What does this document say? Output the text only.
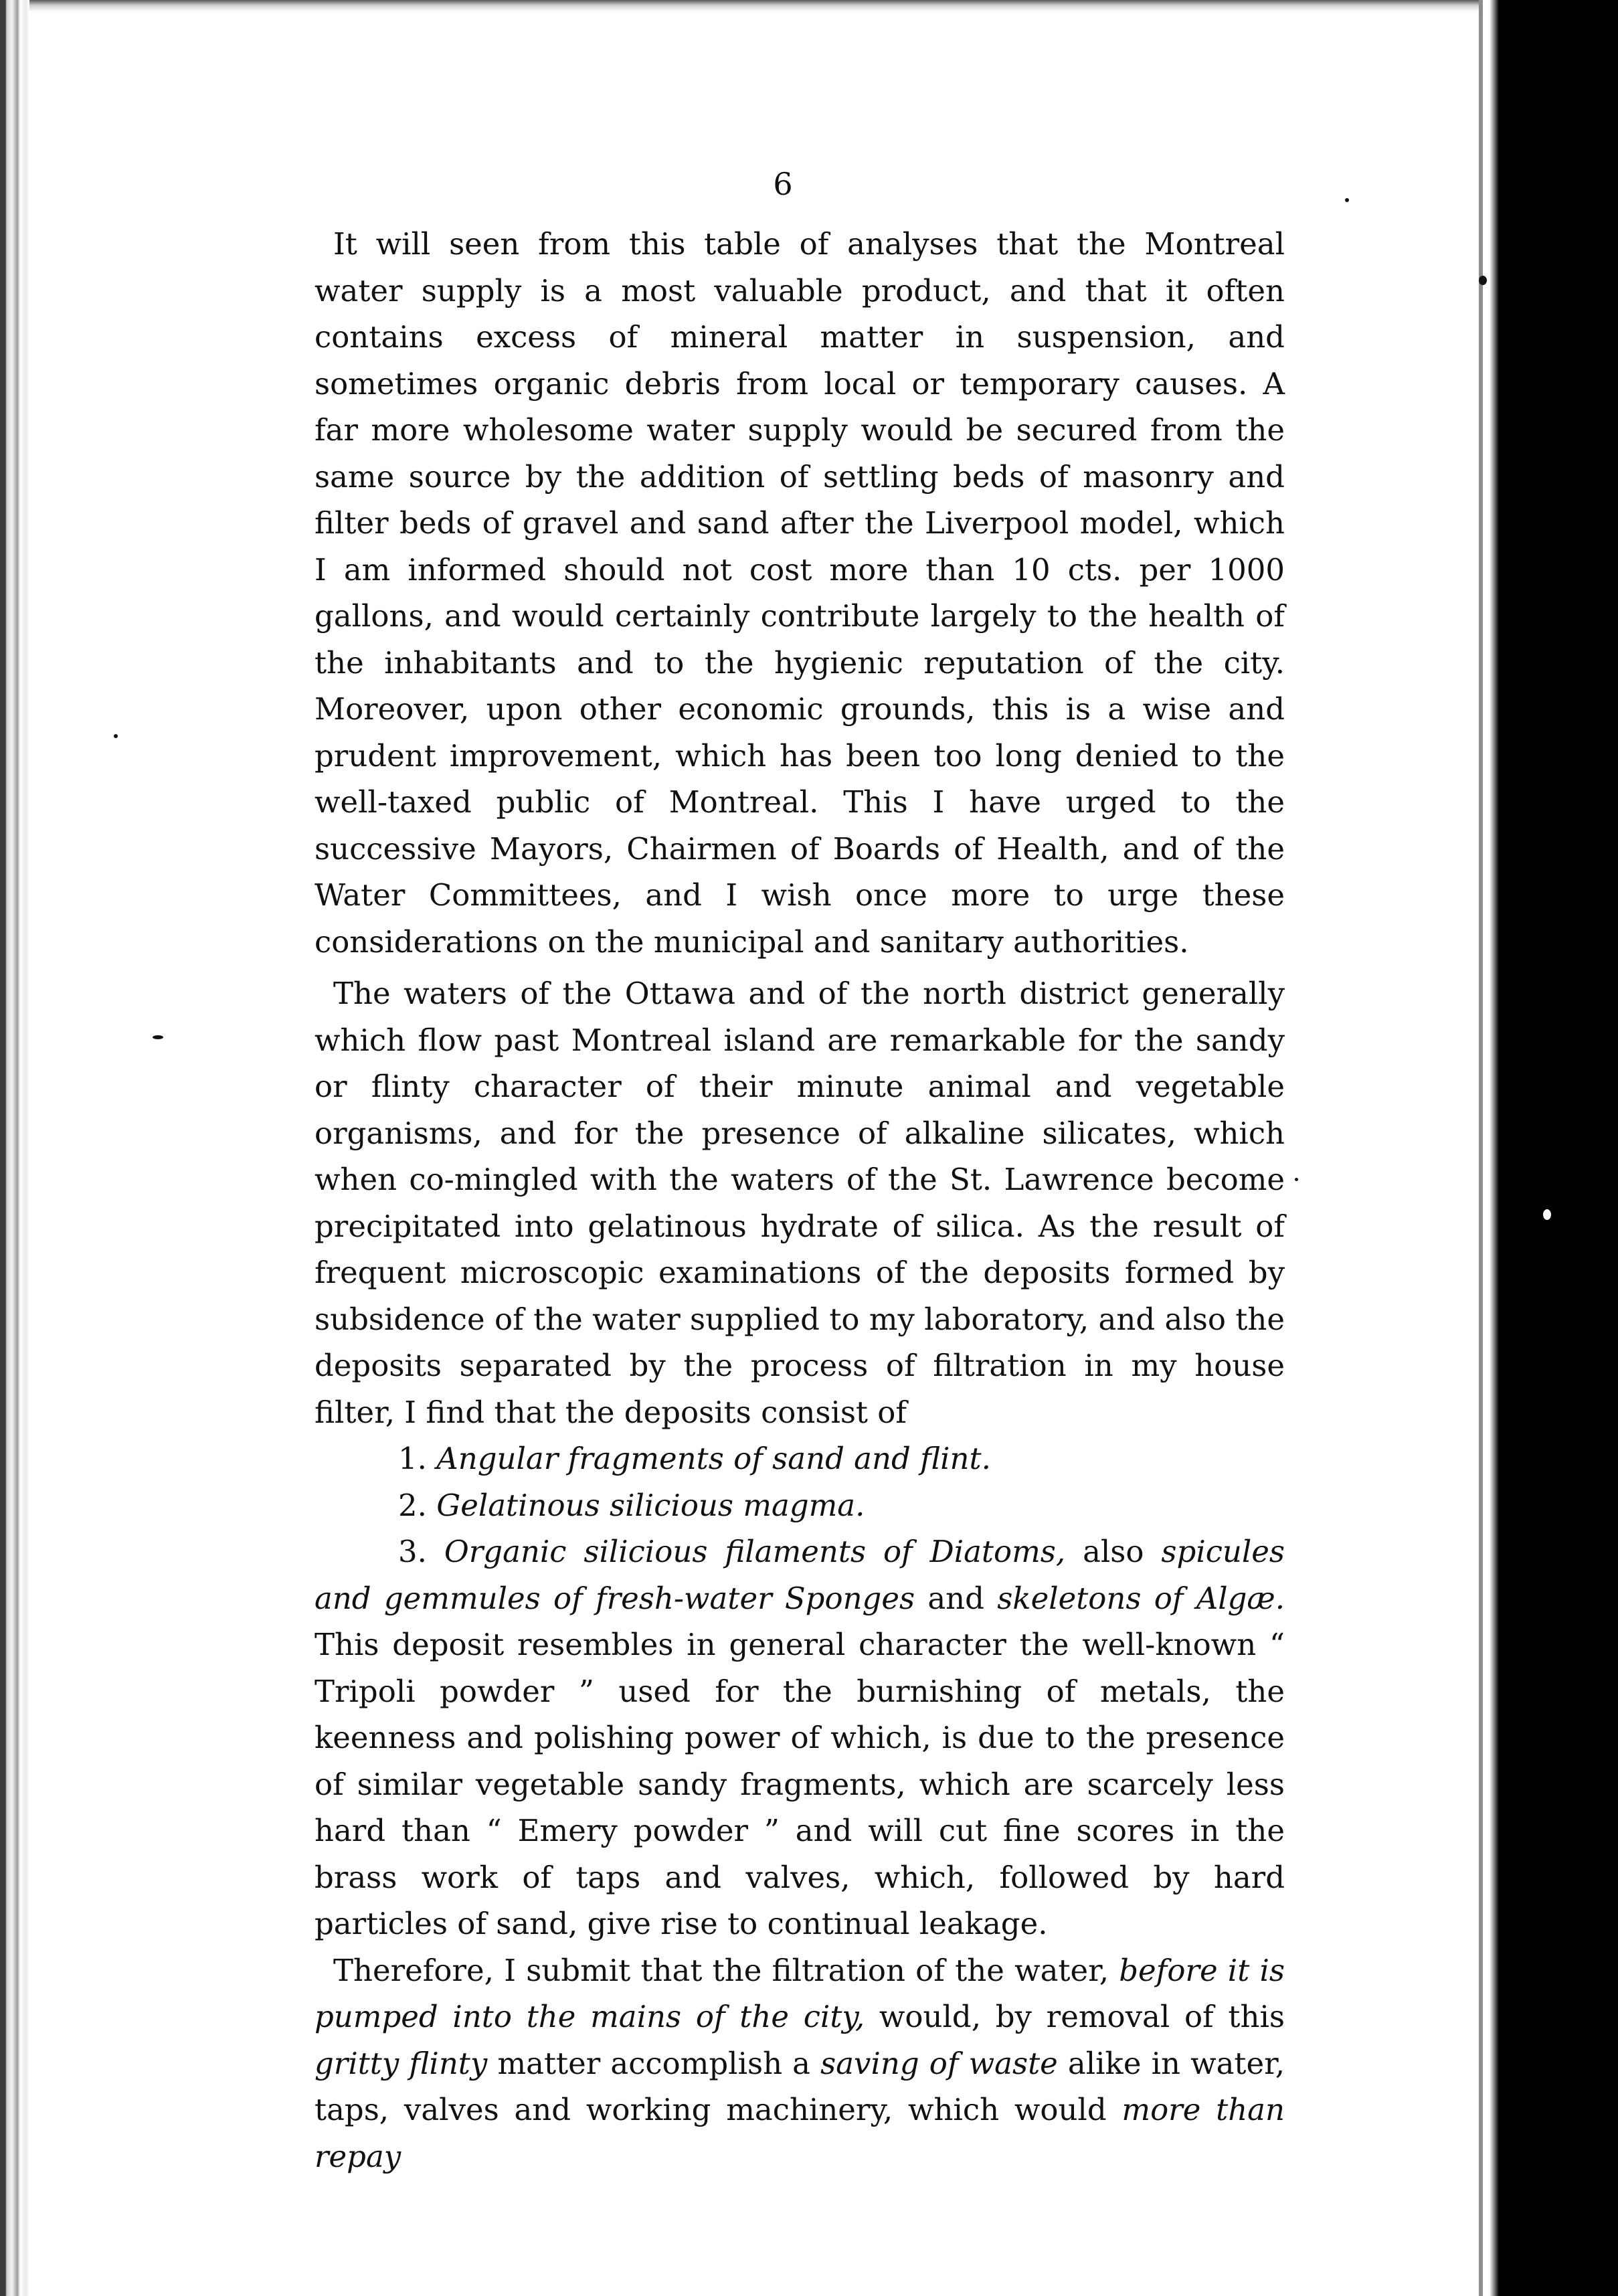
6

It will seen from this table of analyses that the Montreal water supply is a most valuable product, and that it often contains excess of mineral matter in suspension, and sometimes organic debris from local or temporary causes. A far more wholesome water supply would be secured from the same source by the addition of settling beds of masonry and filter beds of gravel and sand after the Liverpool model, which I am informed should not cost more than 10 cts. per 1000 gallons, and would certainly contribute largely to the health of the inhabitants and to the hygienic reputation of the city. Moreover, upon other economic grounds, this is a wise and prudent improvement, which has been too long denied to the well-taxed public of Montreal. This I have urged to the successive Mayors, Chairmen of Boards of Health, and of the Water Committees, and I wish once more to urge these considerations on the municipal and sanitary authorities.

The waters of the Ottawa and of the north district generally which flow past Montreal island are remarkable for the sandy or flinty character of their minute animal and vegetable organisms, and for the presence of alkaline silicates, which when co-mingled with the waters of the St. Lawrence become precipitated into gelatinous hydrate of silica. As the result of frequent microscopic examinations of the deposits formed by subsidence of the water supplied to my laboratory, and also the deposits separated by the process of filtration in my house filter, I find that the deposits consist of

1. Angular fragments of sand and flint.

2. Gelatinous silicious magma.

3. Organic silicious filaments of Diatoms, also spicules and gemmules of fresh-water Sponges and skeletons of Algæ. This deposit resembles in general character the well-known “ Tripoli powder ” used for the burnishing of metals, the keenness and polishing power of which, is due to the presence of similar vegetable sandy fragments, which are scarcely less hard than “ Emery powder ” and will cut fine scores in the brass work of taps and valves, which, followed by hard particles of sand, give rise to continual leakage.

Therefore, I submit that the filtration of the water, before it is pumped into the mains of the city, would, by removal of this gritty flinty matter accomplish a saving of waste alike in water, taps, valves and working machinery, which would more than repay
